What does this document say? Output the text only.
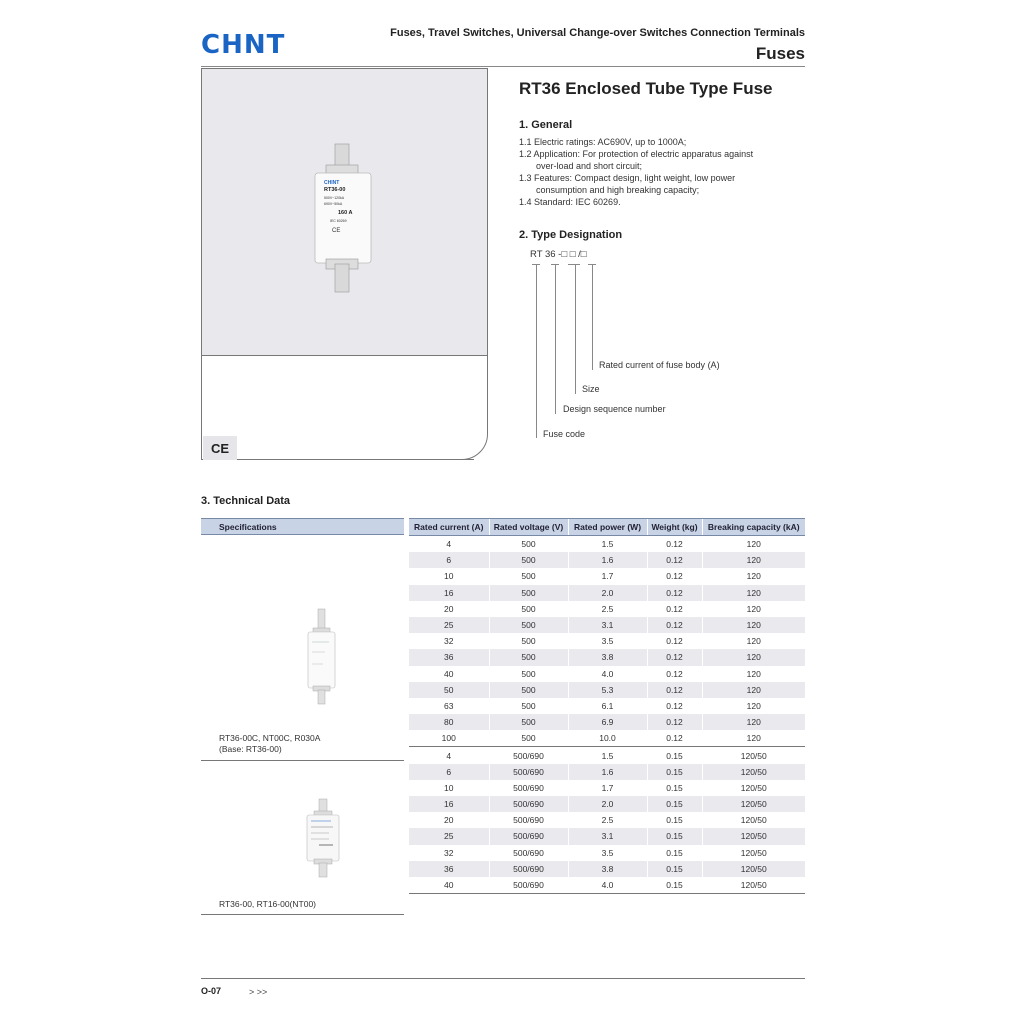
CHNT	Fuses, Travel Switches, Universal Change-over Switches Connection Terminals
Fuses
CHINT
RT36-00
500V~120kA
690V~50kA
160 A
IEC 60269
CE
CE
RT36 Enclosed Tube Type Fuse
1. General
1.1 Electric ratings: AC690V, up to 1000A;
1.2 Application: For protection of electric apparatus against
over-load and short circuit;
1.3 Features: Compact design, light weight, low power
consumption and high breaking capacity;
1.4 Standard: IEC 60269.
2. Type Designation
RT 36 -□ □ /□
Rated current of fuse body (A)
Size
Design sequence number
Fuse code
3. Technical Data
Specifications
RT36-00C, NT00C, R030A
(Base: RT36-00)
RT36-00, RT16-00(NT00)
Rated current (A)	Rated voltage (V)	Rated power (W)	Weight (kg)	Breaking capacity (kA)
4	500	1.5	0.12	120
6	500	1.6	0.12	120
10	500	1.7	0.12	120
16	500	2.0	0.12	120
20	500	2.5	0.12	120
25	500	3.1	0.12	120
32	500	3.5	0.12	120
36	500	3.8	0.12	120
40	500	4.0	0.12	120
50	500	5.3	0.12	120
63	500	6.1	0.12	120
80	500	6.9	0.12	120
100	500	10.0	0.12	120
4	500/690	1.5	0.15	120/50
6	500/690	1.6	0.15	120/50
10	500/690	1.7	0.15	120/50
16	500/690	2.0	0.15	120/50
20	500/690	2.5	0.15	120/50
25	500/690	3.1	0.15	120/50
32	500/690	3.5	0.15	120/50
36	500/690	3.8	0.15	120/50
40	500/690	4.0	0.15	120/50
O-07	> >>
